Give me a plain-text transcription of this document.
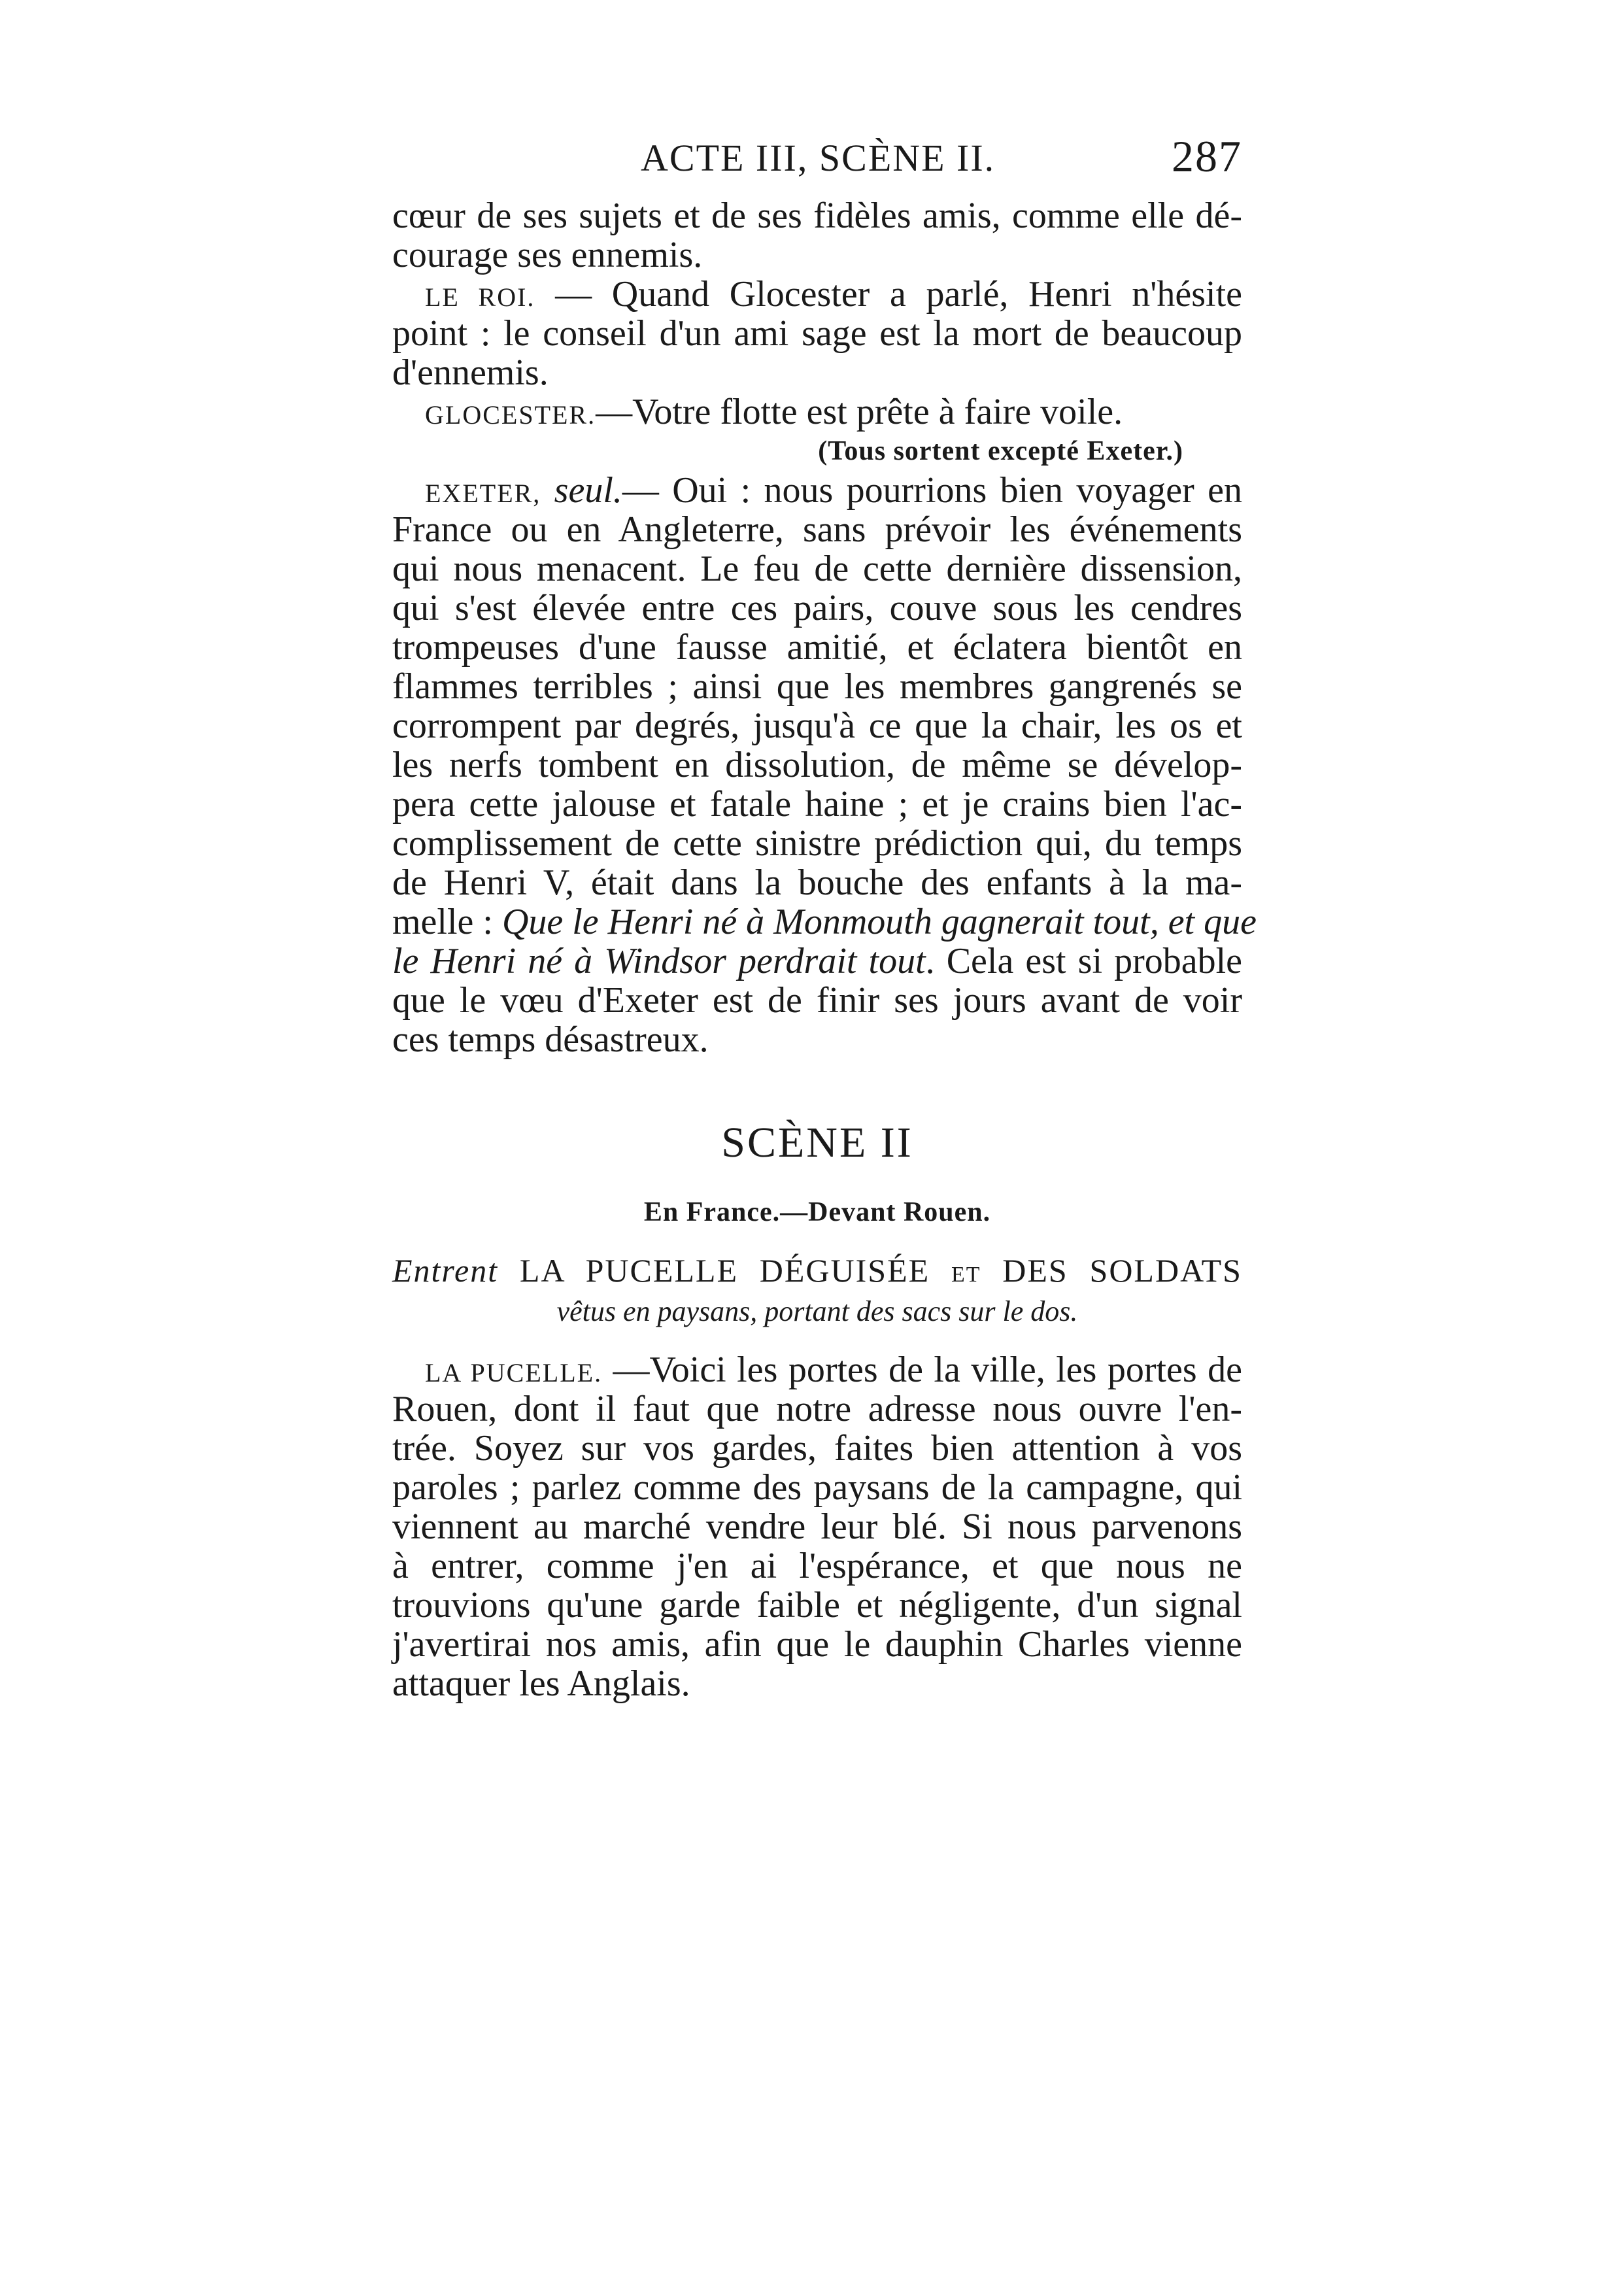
ACTE III, SCÈNE II.	287
cœur de ses sujets et de ses fidèles amis, comme elle dé-
courage ses ennemis.
LE ROI. — Quand Glocester a parlé, Henri n'hésite
point : le conseil d'un ami sage est la mort de beaucoup
d'ennemis.
GLOCESTER.—Votre flotte est prête à faire voile.
(Tous sortent excepté Exeter.)
EXETER, seul.— Oui : nous pourrions bien voyager en
France ou en Angleterre, sans prévoir les événements
qui nous menacent. Le feu de cette dernière dissension,
qui s'est élevée entre ces pairs, couve sous les cendres
trompeuses d'une fausse amitié, et éclatera bientôt en
flammes terribles ; ainsi que les membres gangrenés se
corrompent par degrés, jusqu'à ce que la chair, les os et
les nerfs tombent en dissolution, de même se dévelop-
pera cette jalouse et fatale haine ; et je crains bien l'ac-
complissement de cette sinistre prédiction qui, du temps
de Henri V, était dans la bouche des enfants à la ma-
melle : Que le Henri né à Monmouth gagnerait tout, et que
le Henri né à Windsor perdrait tout. Cela est si probable
que le vœu d'Exeter est de finir ses jours avant de voir
ces temps désastreux.
SCÈNE II
En France.—Devant Rouen.
Entrent LA PUCELLE DÉGUISÉE ET DES SOLDATS
vêtus en paysans, portant des sacs sur le dos.
LA PUCELLE. —Voici les portes de la ville, les portes de
Rouen, dont il faut que notre adresse nous ouvre l'en-
trée. Soyez sur vos gardes, faites bien attention à vos
paroles ; parlez comme des paysans de la campagne, qui
viennent au marché vendre leur blé. Si nous parvenons
à entrer, comme j'en ai l'espérance, et que nous ne
trouvions qu'une garde faible et négligente, d'un signal
j'avertirai nos amis, afin que le dauphin Charles vienne
attaquer les Anglais.
